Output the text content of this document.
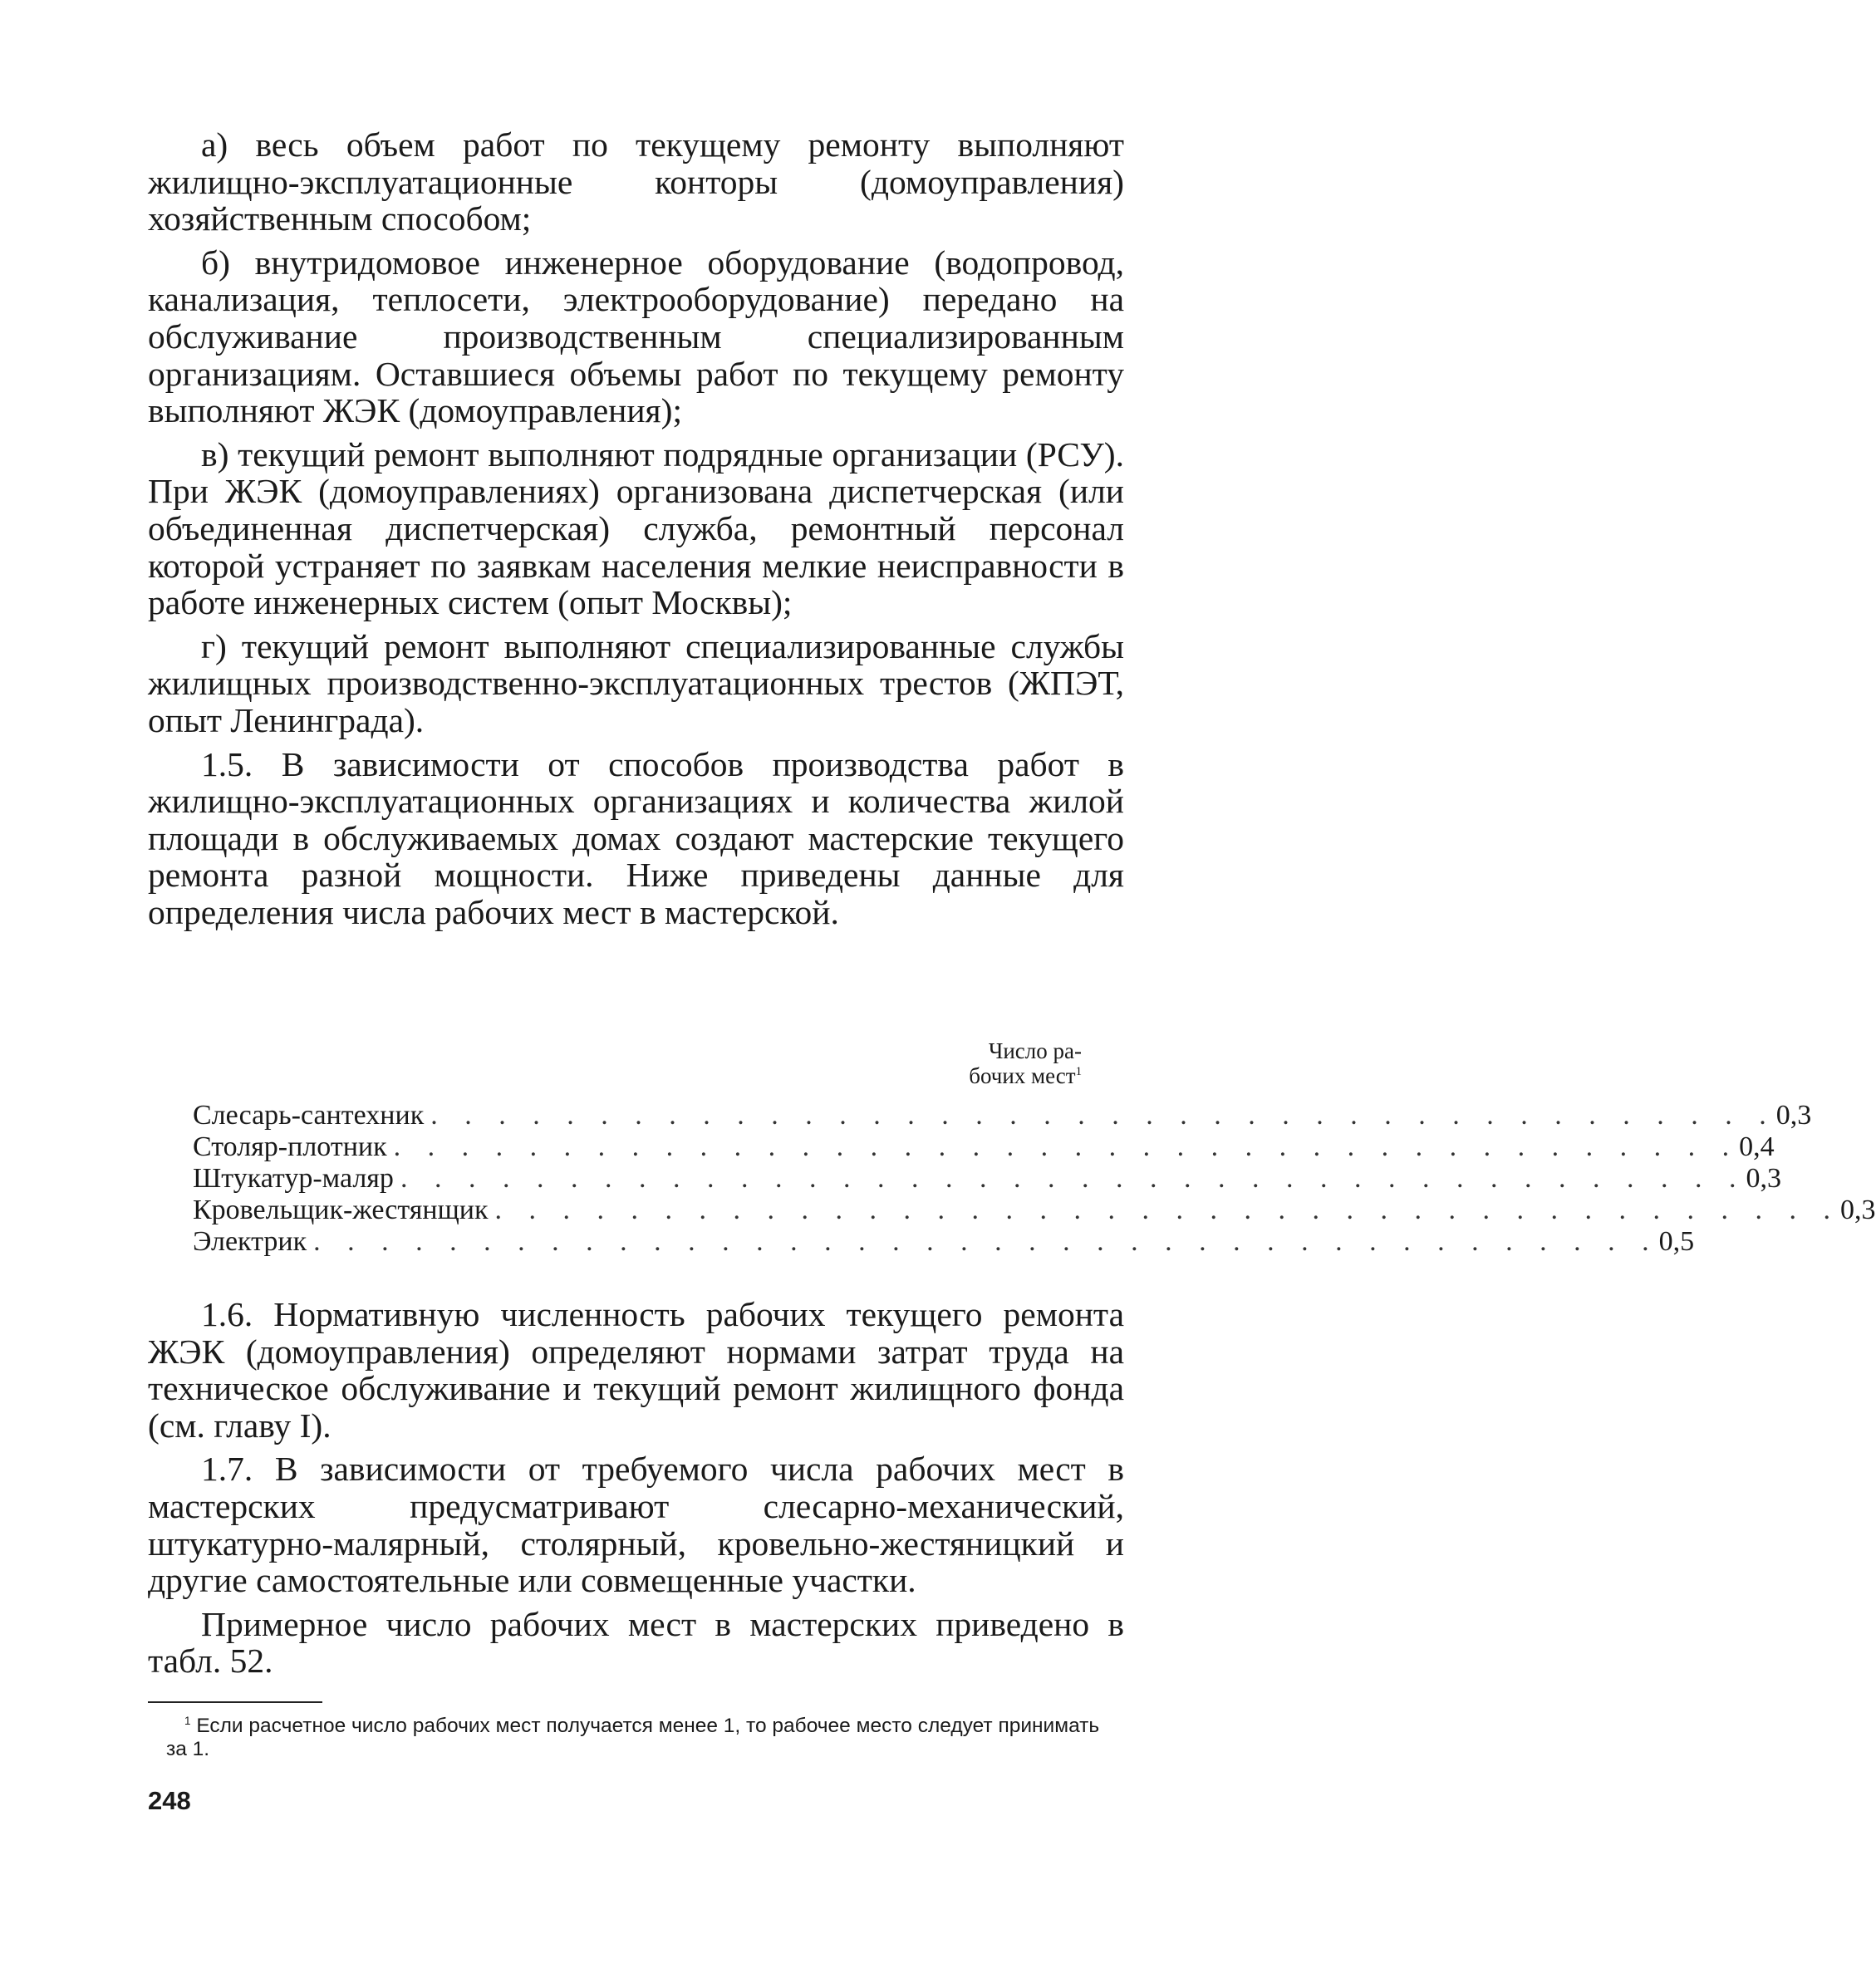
а) весь объем работ по текущему ремонту выполняют жилищно-эксплуатационные конторы (домоуправления) хозяйственным способом;

б) внутридомовое инженерное оборудование (водопровод, канализация, теплосети, электрооборудование) передано на обслуживание производственным специализированным организациям. Оставшиеся объемы работ по текущему ремонту выполняют ЖЭК (домоуправления);

в) текущий ремонт выполняют подрядные организации (РСУ). При ЖЭК (домоуправлениях) организована диспетчерская (или объединенная диспетчерская) служба, ремонтный персонал которой устраняет по заявкам населения мелкие неисправности в работе инженерных систем (опыт Москвы);

г) текущий ремонт выполняют специализированные службы жилищных производственно-эксплуатационных трестов (ЖПЭТ, опыт Ленинграда).

1.5. В зависимости от способов производства работ в жилищно-эксплуатационных организациях и количества жилой площади в обслуживаемых домах создают мастерские текущего ремонта разной мощности. Ниже приведены данные для определения числа рабочих мест в мастерской.

Число ра-
бочих мест$^1$
Слесарь-сантехник . . . . . . . . . . . . . . . . . . . . . . . . . . . . . . . . . . . . . . . . 0,3
Столяр-плотник . . . . . . . . . . . . . . . . . . . . . . . . . . . . . . . . . . . . . . . . 0,4
Штукатур-маляр . . . . . . . . . . . . . . . . . . . . . . . . . . . . . . . . . . . . . . . . 0,3
Кровельщик-жестянщик . . . . . . . . . . . . . . . . . . . . . . . . . . . . . . . . . . . . . . . . 0,3
Электрик . . . . . . . . . . . . . . . . . . . . . . . . . . . . . . . . . . . . . . . . 0,5

1.6. Нормативную численность рабочих текущего ремонта ЖЭК (домоуправления) определяют нормами затрат труда на техническое обслуживание и текущий ремонт жилищного фонда (см. главу I).

1.7. В зависимости от требуемого числа рабочих мест в мастерских предусматривают слесарно-механический, штукатурно-малярный, столярный, кровельно-жестяницкий и другие самостоятельные или совмещенные участки.

Примерное число рабочих мест в мастерских приведено в табл. 52.

$^1$ Если расчетное число рабочих мест получается менее 1, то рабочее место следует принимать за 1.

248
